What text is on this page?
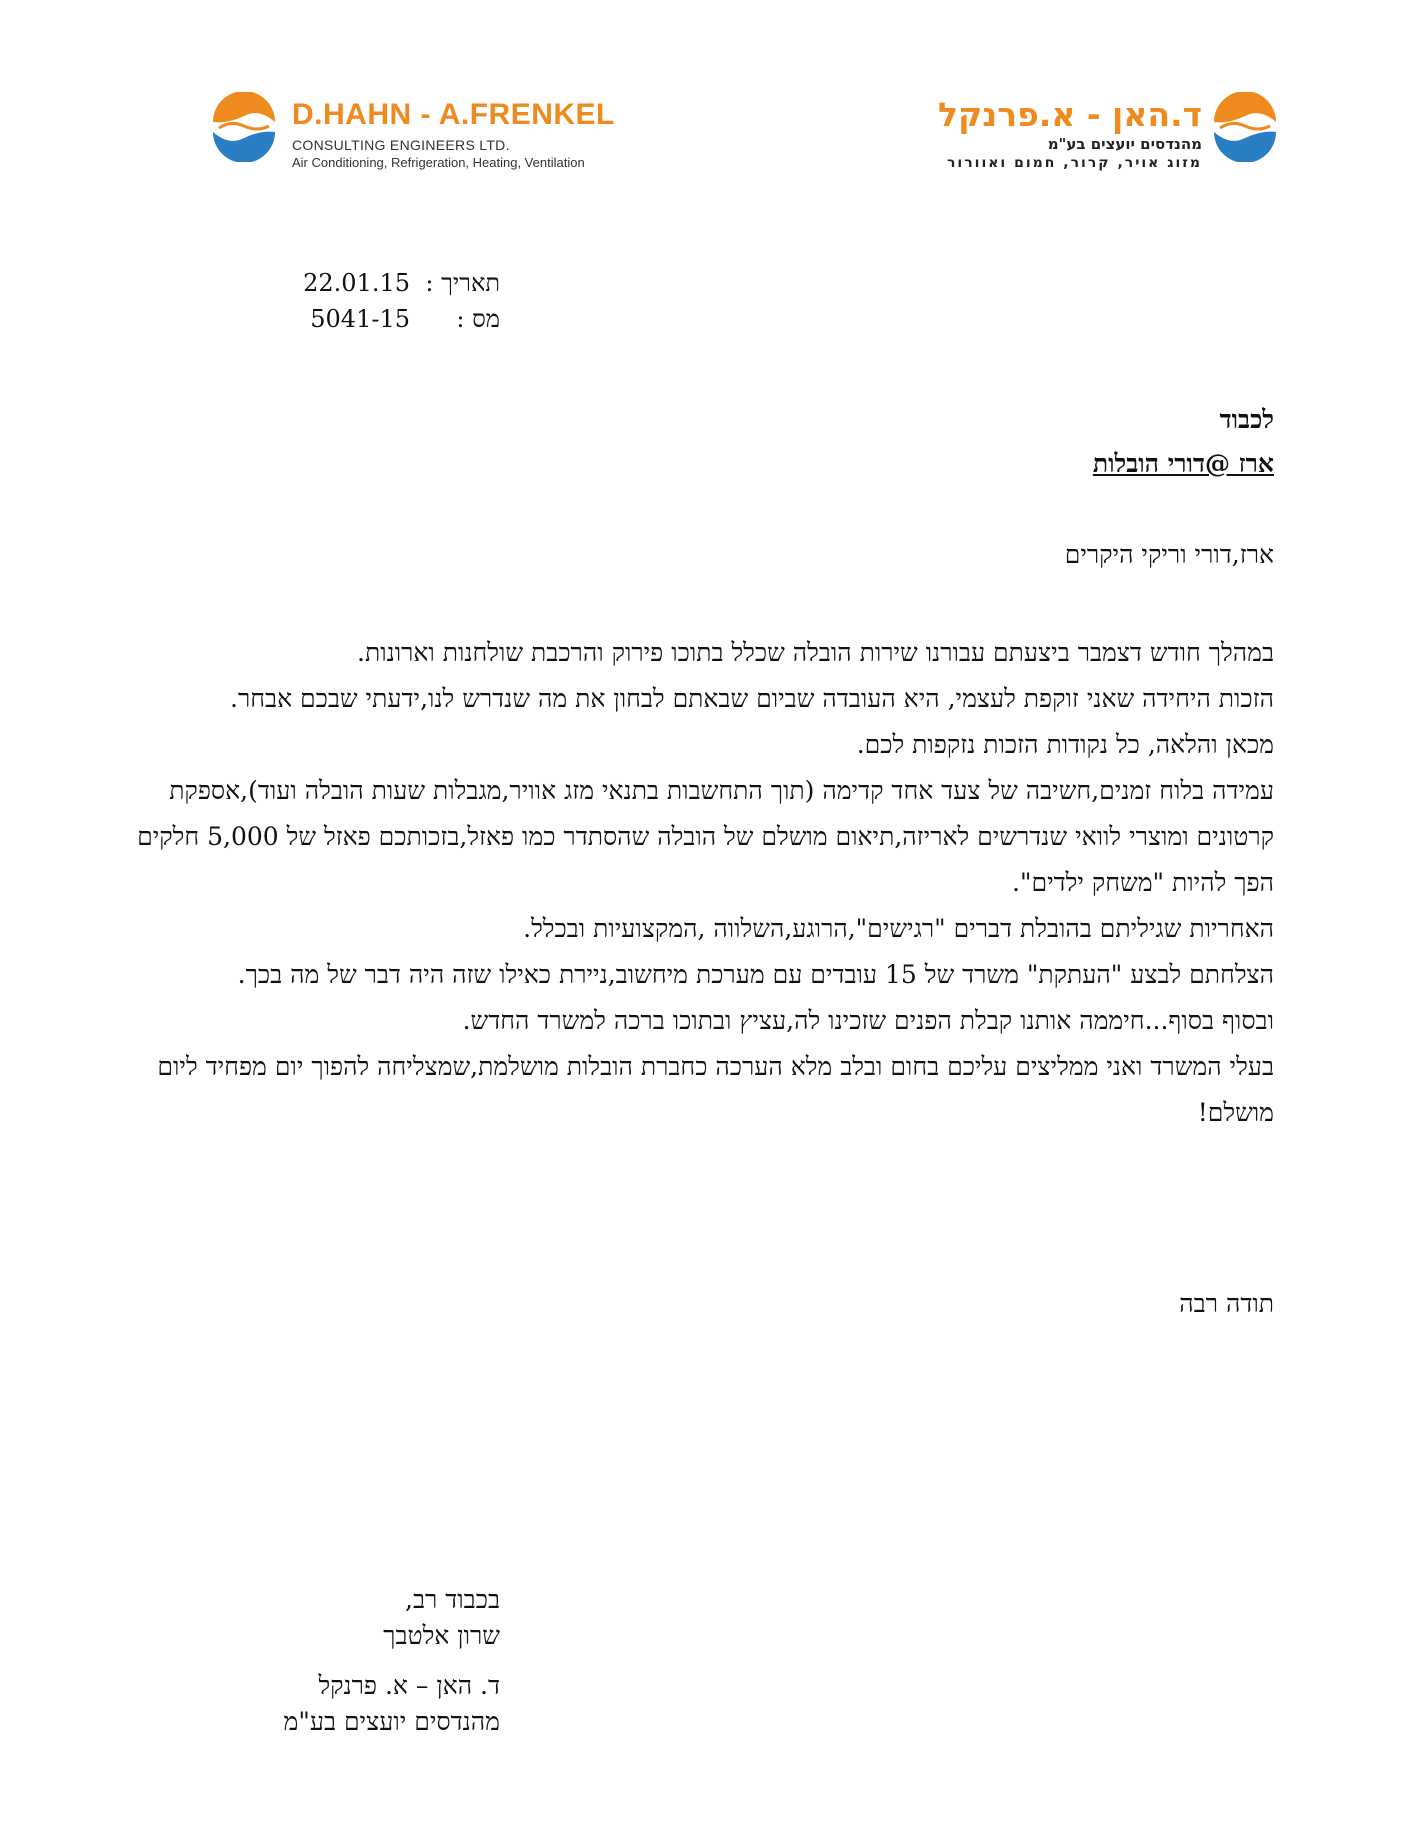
D.HAHN - A.FRENKEL
CONSULTING ENGINEERS LTD.
Air Conditioning, Refrigeration, Heating, Ventilation
ד.האן - א.פרנקל
מהנדסים יועצים בע"מ
מזוג אויר, קרור, חמום ואוורור
תאריך :
22.01.15
מס :
5041-15
לכבוד
ארז @דורי הובלות
ארז,דורי וריקי היקרים

במהלך חודש דצמבר ביצעתם עבורנו שירות הובלה שכלל בתוכו פירוק והרכבת שולחנות וארונות.

הזכות היחידה שאני זוקפת לעצמי, היא העובדה שביום שבאתם לבחון את מה שנדרש לנו,ידעתי שבכם אבחר.

מכאן והלאה, כל נקודות הזכות נזקפות לכם.

עמידה בלוח זמנים,חשיבה של צעד אחד קדימה (תוך התחשבות בתנאי מזג אוויר,מגבלות שעות הובלה ועוד),אספקת קרטונים ומוצרי לוואי שנדרשים לאריזה,תיאום מושלם של הובלה שהסתדר כמו פאזל,בזכותכם פאזל של 5,000 חלקים הפך להיות "משחק ילדים".

האחריות שגיליתם בהובלת דברים "רגישים",הרוגע,השלווה ,המקצועיות ובכלל.

הצלחתם לבצע "העתקת" משרד של 15 עובדים עם מערכת מיחשוב,ניירת כאילו שזה היה דבר של מה בכך.

ובסוף בסוף...חיממה אותנו קבלת הפנים שזכינו לה,עציץ ובתוכו ברכה למשרד החדש.

בעלי המשרד ואני ממליצים עליכם בחום ובלב מלא הערכה כחברת הובלות מושלמת,שמצליחה להפוך יום מפחיד ליום מושלם!

תודה רבה
בכבוד רב,
שרון אלטבך
ד. האן – א. פרנקל
מהנדסים יועצים בע"מ
